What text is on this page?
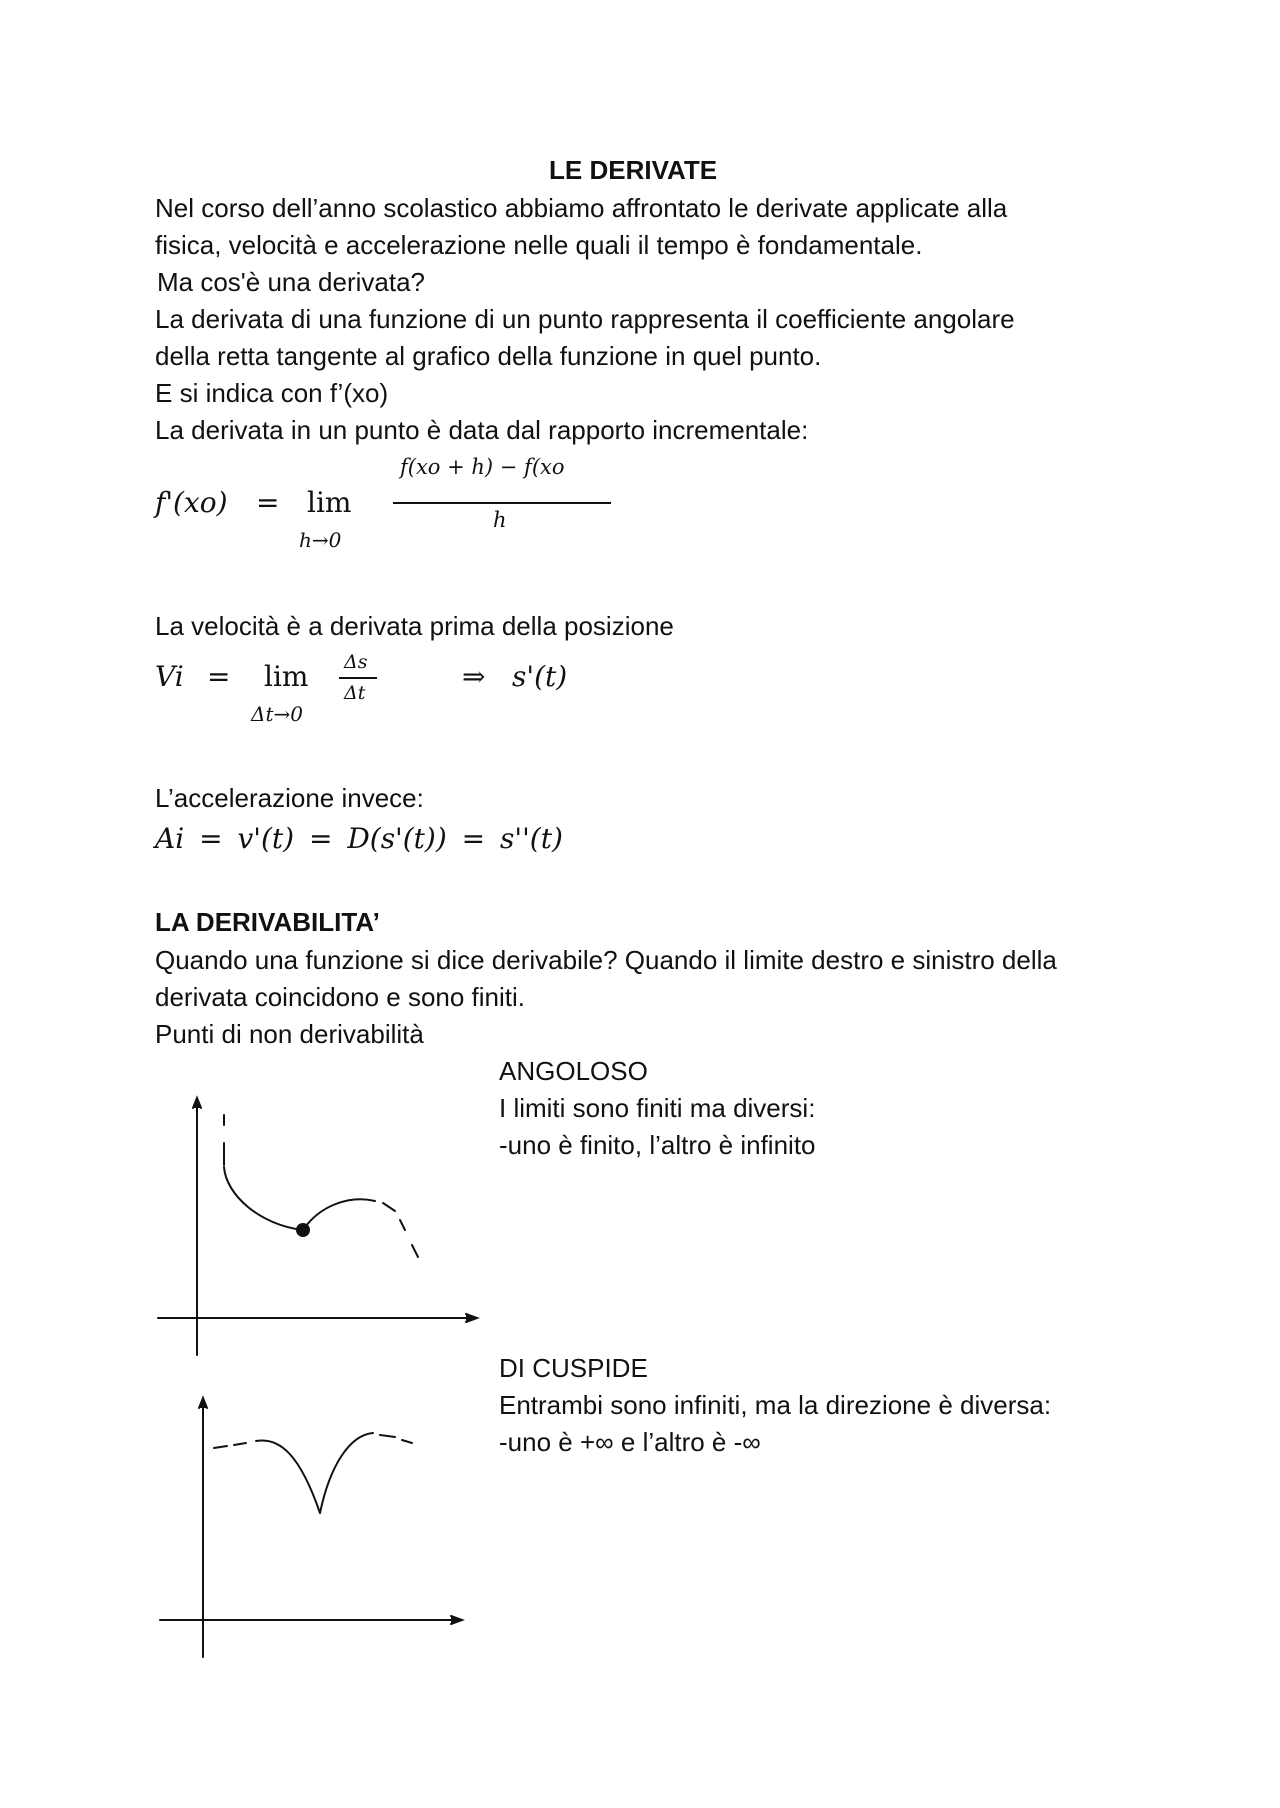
LE DERIVATE
Nel corso dell’anno scolastico abbiamo affrontato le derivate applicate alla
fisica, velocità e accelerazione nelle quali il tempo è fondamentale.
Ma cos'è una derivata?
La derivata di una funzione di un punto rappresenta il coefficiente angolare
della retta tangente al grafico della funzione in quel punto.
E si indica con f’(xo)
La derivata in un punto è data dal rapporto incrementale:
f'(xo) = lim
h→0
f(xo + h) − f(xo
h
La velocità è a derivata prima della posizione
Vi = lim
Δt→0
Δs
Δt	⇒ s'(t)
L’accelerazione invece:
Ai = v'(t) = D(s'(t)) = s''(t)
LA DERIVABILITA’
Quando una funzione si dice derivabile? Quando il limite destro e sinistro della
derivata coincidono e sono finiti.
Punti di non derivabilità
ANGOLOSO
I limiti sono finiti ma diversi:
-uno è finito, l’altro è infinito
DI CUSPIDE
Entrambi sono infiniti, ma la direzione è diversa:
-uno è +∞ e l’altro è -∞
